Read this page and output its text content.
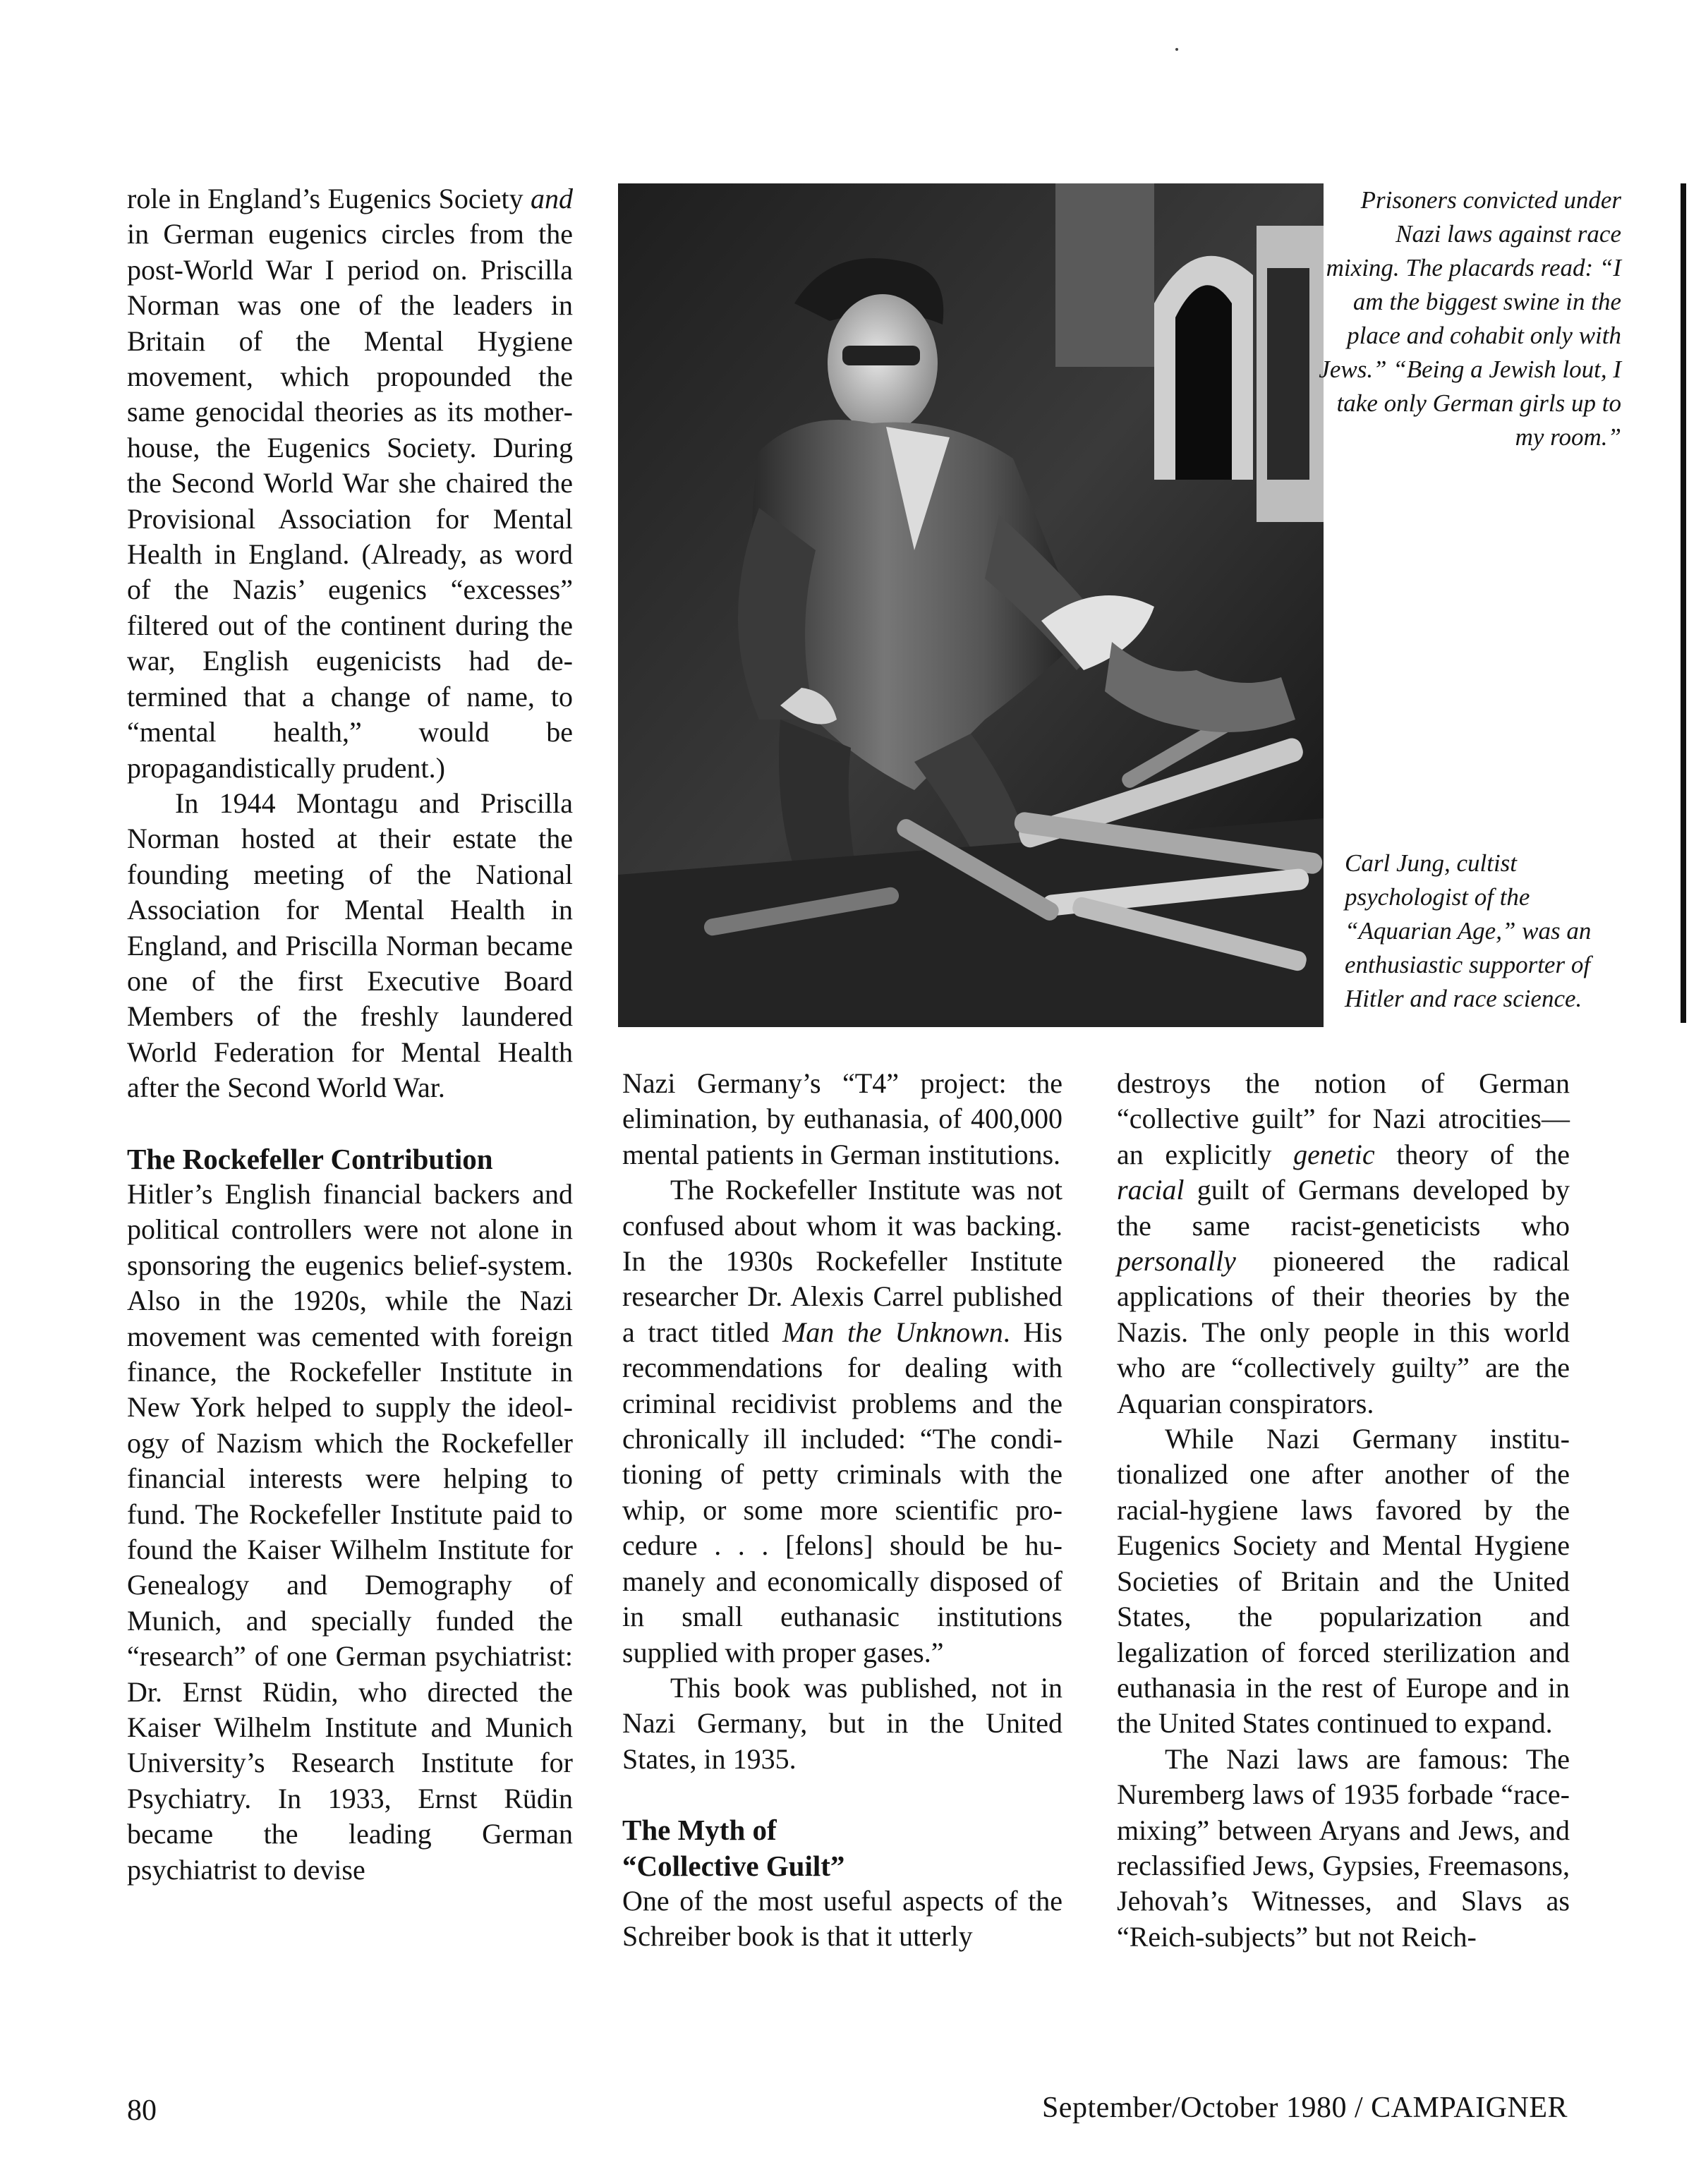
role in England’s Eugenics Society and in German eugenics circles from the post-World War I period on. Priscilla Norman was one of the leaders in Britain of the Mental Hygiene movement, which propounded the same genocidal theories as its motherhouse, the Eugenics Society. During the Second World War she chaired the Provisional Association for Mental Health in England. (Already, as word of the Nazis’ eugenics “excesses” filtered out of the continent during the war, English eugenicists had determined that a change of name, to “mental health,” would be propagandistically prudent.)

In 1944 Montagu and Priscilla Norman hosted at their estate the founding meeting of the National Association for Mental Health in England, and Priscilla Norman became one of the first Executive Board Members of the freshly laundered World Federation for Mental Health after the Second World War.

The Rockefeller Contribution

Hitler’s English financial backers and political controllers were not alone in sponsoring the eugenics belief-system. Also in the 1920s, while the Nazi movement was cemented with foreign finance, the Rockefeller Institute in New York helped to supply the ideology of Nazism which the Rockefeller financial interests were helping to fund. The Rockefeller Institute paid to found the Kaiser Wilhelm Institute for Genealogy and Demography of Munich, and specially funded the “research” of one German psychiatrist: Dr. Ernst Rüdin, who directed the Kaiser Wilhelm Institute and Munich University’s Research Institute for Psychiatry. In 1933, Ernst Rüdin became the leading German psychiatrist to devise

Prisoners convicted under Nazi laws against race mixing. The placards read: “I am the biggest swine in the place and cohabit only with Jews.” “Being a Jewish lout, I take only German girls up to my room.”
Carl Jung, cultist psychologist of the “Aquarian Age,” was an enthusiastic supporter of Hitler and race science.

Nazi Germany’s “T4” project: the elimination, by euthanasia, of 400,000 mental patients in German institutions.

The Rockefeller Institute was not confused about whom it was backing. In the 1930s Rockefeller Institute researcher Dr. Alexis Carrel published a tract titled Man the Unknown. His recommendations for dealing with criminal recidivist problems and the chronically ill included: “The conditioning of petty criminals with the whip, or some more scientific procedure . . . [felons] should be humanely and economically disposed of in small euthanasic institutions supplied with proper gases.”

This book was published, not in Nazi Germany, but in the United States, in 1935.

The Myth of
“Collective Guilt”

One of the most useful aspects of the Schreiber book is that it utterly

destroys the notion of German “collective guilt” for Nazi atrocities—an explicitly genetic theory of the racial guilt of Germans developed by the same racist-geneticists who personally pioneered the radical applications of their theories by the Nazis. The only people in this world who are “collectively guilty” are the Aquarian conspirators.

While Nazi Germany institutionalized one after another of the racial-hygiene laws favored by the Eugenics Society and Mental Hygiene Societies of Britain and the United States, the popularization and legalization of forced sterilization and euthanasia in the rest of Europe and in the United States continued to expand.

The Nazi laws are famous: The Nuremberg laws of 1935 forbade “race-mixing” between Aryans and Jews, and reclassified Jews, Gypsies, Freemasons, Jehovah’s Witnesses, and Slavs as “Reich-subjects” but not Reich-

80	September/October 1980 / CAMPAIGNER
